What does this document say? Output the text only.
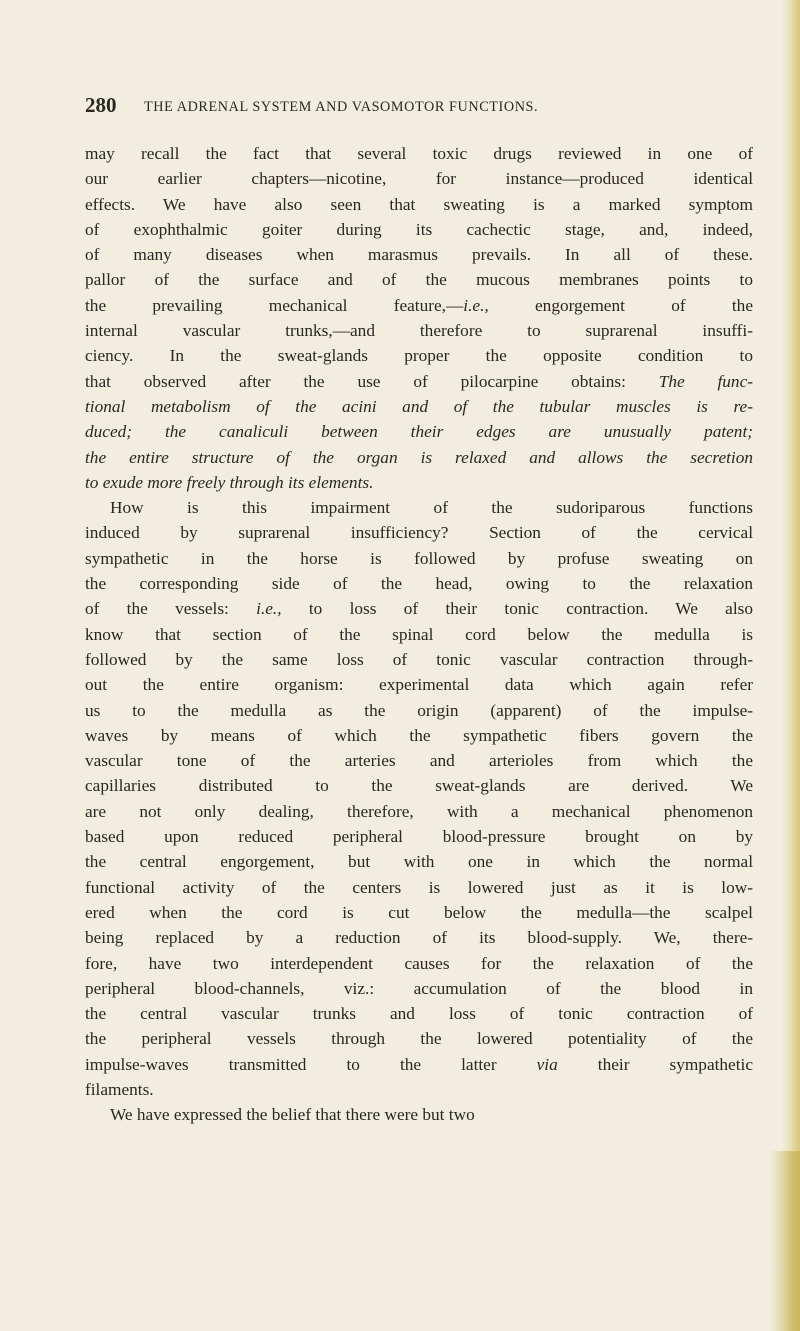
280 THE ADRENAL SYSTEM AND VASOMOTOR FUNCTIONS.
may recall the fact that several toxic drugs reviewed in one of
our earlier chapters—nicotine, for instance—produced identical
effects. We have also seen that sweating is a marked symptom
of exophthalmic goiter during its cachectic stage, and, indeed,
of many diseases when marasmus prevails. In all of these.
pallor of the surface and of the mucous membranes points to
the prevailing mechanical feature,—i.e., engorgement of the
internal vascular trunks,—and therefore to suprarenal insuffi-
ciency. In the sweat-glands proper the opposite condition to
that observed after the use of pilocarpine obtains: The func-
tional metabolism of the acini and of the tubular muscles is re-
duced; the canaliculi between their edges are unusually patent;
the entire structure of the organ is relaxed and allows the secretion
to exude more freely through its elements.
How is this impairment of the sudoriparous functions
induced by suprarenal insufficiency? Section of the cervical
sympathetic in the horse is followed by profuse sweating on
the corresponding side of the head, owing to the relaxation
of the vessels: i.e., to loss of their tonic contraction. We also
know that section of the spinal cord below the medulla is
followed by the same loss of tonic vascular contraction through-
out the entire organism: experimental data which again refer
us to the medulla as the origin (apparent) of the impulse-
waves by means of which the sympathetic fibers govern the
vascular tone of the arteries and arterioles from which the
capillaries distributed to the sweat-glands are derived. We
are not only dealing, therefore, with a mechanical phenomenon
based upon reduced peripheral blood-pressure brought on by
the central engorgement, but with one in which the normal
functional activity of the centers is lowered just as it is low-
ered when the cord is cut below the medulla—the scalpel
being replaced by a reduction of its blood-supply. We, there-
fore, have two interdependent causes for the relaxation of the
peripheral blood-channels, viz.: accumulation of the blood in
the central vascular trunks and loss of tonic contraction of
the peripheral vessels through the lowered potentiality of the
impulse-waves transmitted to the latter via their sympathetic
filaments.
We have expressed the belief that there were but two
